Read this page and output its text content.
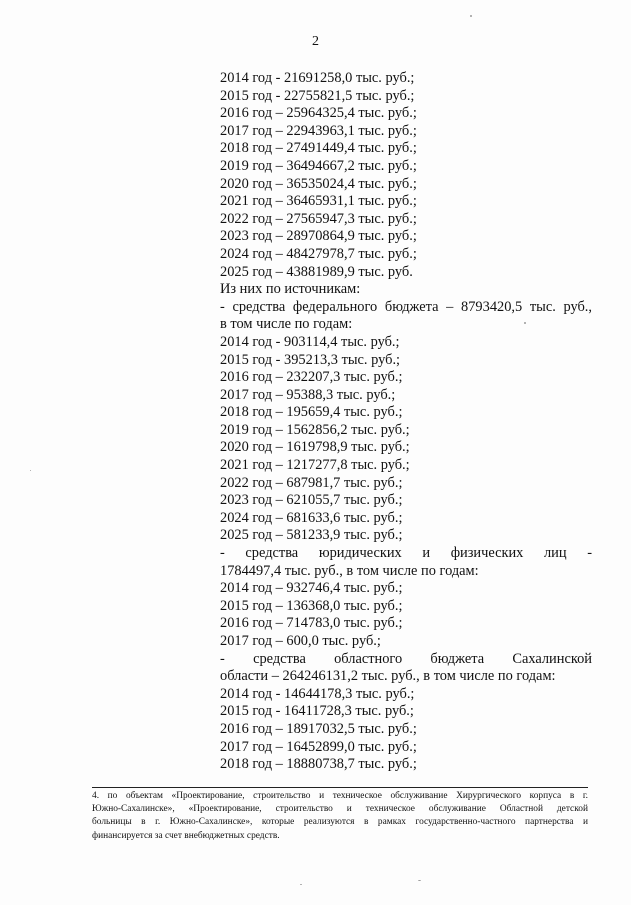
2
2014 год - 21691258,0 тыс. руб.;
2015 год - 22755821,5 тыс. руб.;
2016 год – 25964325,4 тыс. руб.;
2017 год – 22943963,1 тыс. руб.;
2018 год – 27491449,4 тыс. руб.;
2019 год – 36494667,2 тыс. руб.;
2020 год – 36535024,4 тыс. руб.;
2021 год – 36465931,1 тыс. руб.;
2022 год – 27565947,3 тыс. руб.;
2023 год – 28970864,9 тыс. руб.;
2024 год – 48427978,7 тыс. руб.;
2025 год – 43881989,9 тыс. руб.
Из них по источникам:
- средства федерального бюджета – 8793420,5 тыс. руб.,
в том числе по годам:
2014 год - 903114,4 тыс. руб.;
2015 год - 395213,3 тыс. руб.;
2016 год – 232207,3 тыс. руб.;
2017 год – 95388,3 тыс. руб.;
2018 год – 195659,4 тыс. руб.;
2019 год – 1562856,2 тыс. руб.;
2020 год – 1619798,9 тыс. руб.;
2021 год – 1217277,8 тыс. руб.;
2022 год – 687981,7 тыс. руб.;
2023 год – 621055,7 тыс. руб.;
2024 год – 681633,6 тыс. руб.;
2025 год – 581233,9 тыс. руб.;
- средства юридических и физических лиц -
1784497,4 тыс. руб., в том числе по годам:
2014 год – 932746,4 тыс. руб.;
2015 год – 136368,0 тыс. руб.;
2016 год – 714783,0 тыс. руб.;
2017 год – 600,0 тыс. руб.;
- средства областного бюджета Сахалинской
области – 264246131,2 тыс. руб., в том числе по годам:
2014 год - 14644178,3 тыс. руб.;
2015 год - 16411728,3 тыс. руб.;
2016 год – 18917032,5 тыс. руб.;
2017 год – 16452899,0 тыс. руб.;
2018 год – 18880738,7 тыс. руб.;
4. по объектам «Проектирование, строительство и техническое обслуживание Хирургического корпуса в г.
Южно-Сахалинске», «Проектирование, строительство и техническое обслуживание Областной детской
больницы в г. Южно-Сахалинске», которые реализуются в рамках государственно-частного партнерства и
финансируется за счет внебюджетных средств.
